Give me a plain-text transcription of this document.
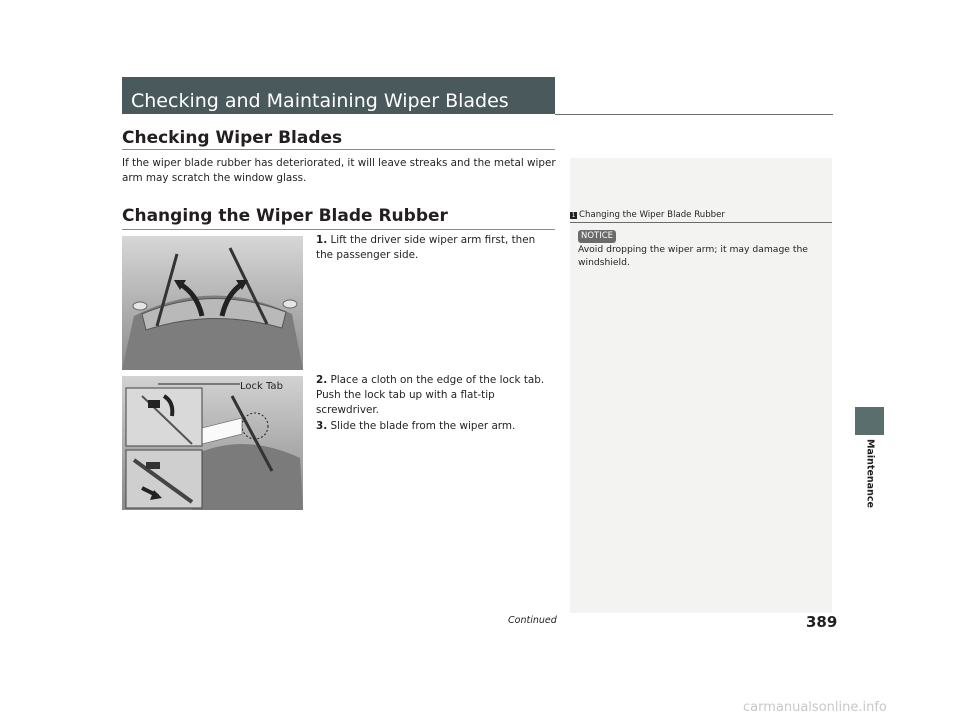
Checking and Maintaining Wiper Blades
Checking Wiper Blades
If the wiper blade rubber has deteriorated, it will leave streaks and the metal wiper arm may scratch the window glass.
Changing the Wiper Blade Rubber
1. Lift the driver side wiper arm first, then the passenger side.
2. Place a cloth on the edge of the lock tab. Push the lock tab up with a flat-tip screwdriver.
3. Slide the blade from the wiper arm.
Lock Tab
1 Changing the Wiper Blade Rubber
NOTICE
Avoid dropping the wiper arm; it may damage the windshield.
Maintenance
Continued	389
carmanualsonline.info
